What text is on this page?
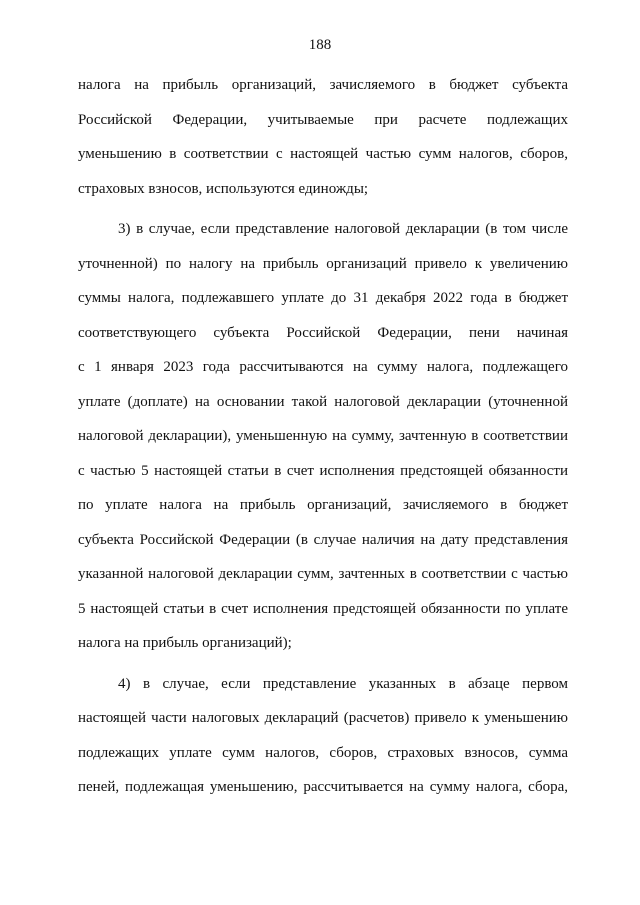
188
налога на прибыль организаций, зачисляемого в бюджет субъекта
Российской Федерации, учитываемые при расчете подлежащих
уменьшению в соответствии с настоящей частью сумм налогов, сборов,
страховых взносов, используются единожды;
3) в случае, если представление налоговой декларации (в том числе
уточненной) по налогу на прибыль организаций привело к увеличению
суммы налога, подлежавшего уплате до 31 декабря 2022 года в бюджет
соответствующего субъекта Российской Федерации, пени начиная
с 1 января 2023 года рассчитываются на сумму налога, подлежащего
уплате (доплате) на основании такой налоговой декларации (уточненной
налоговой декларации), уменьшенную на сумму, зачтенную в соответствии
с частью 5 настоящей статьи в счет исполнения предстоящей обязанности
по уплате налога на прибыль организаций, зачисляемого в бюджет
субъекта Российской Федерации (в случае наличия на дату представления
указанной налоговой декларации сумм, зачтенных в соответствии с частью
5 настоящей статьи в счет исполнения предстоящей обязанности по уплате
налога на прибыль организаций);
4) в случае, если представление указанных в абзаце первом
настоящей части налоговых деклараций (расчетов) привело к уменьшению
подлежащих уплате сумм налогов, сборов, страховых взносов, сумма
пеней, подлежащая уменьшению, рассчитывается на сумму налога, сбора,
